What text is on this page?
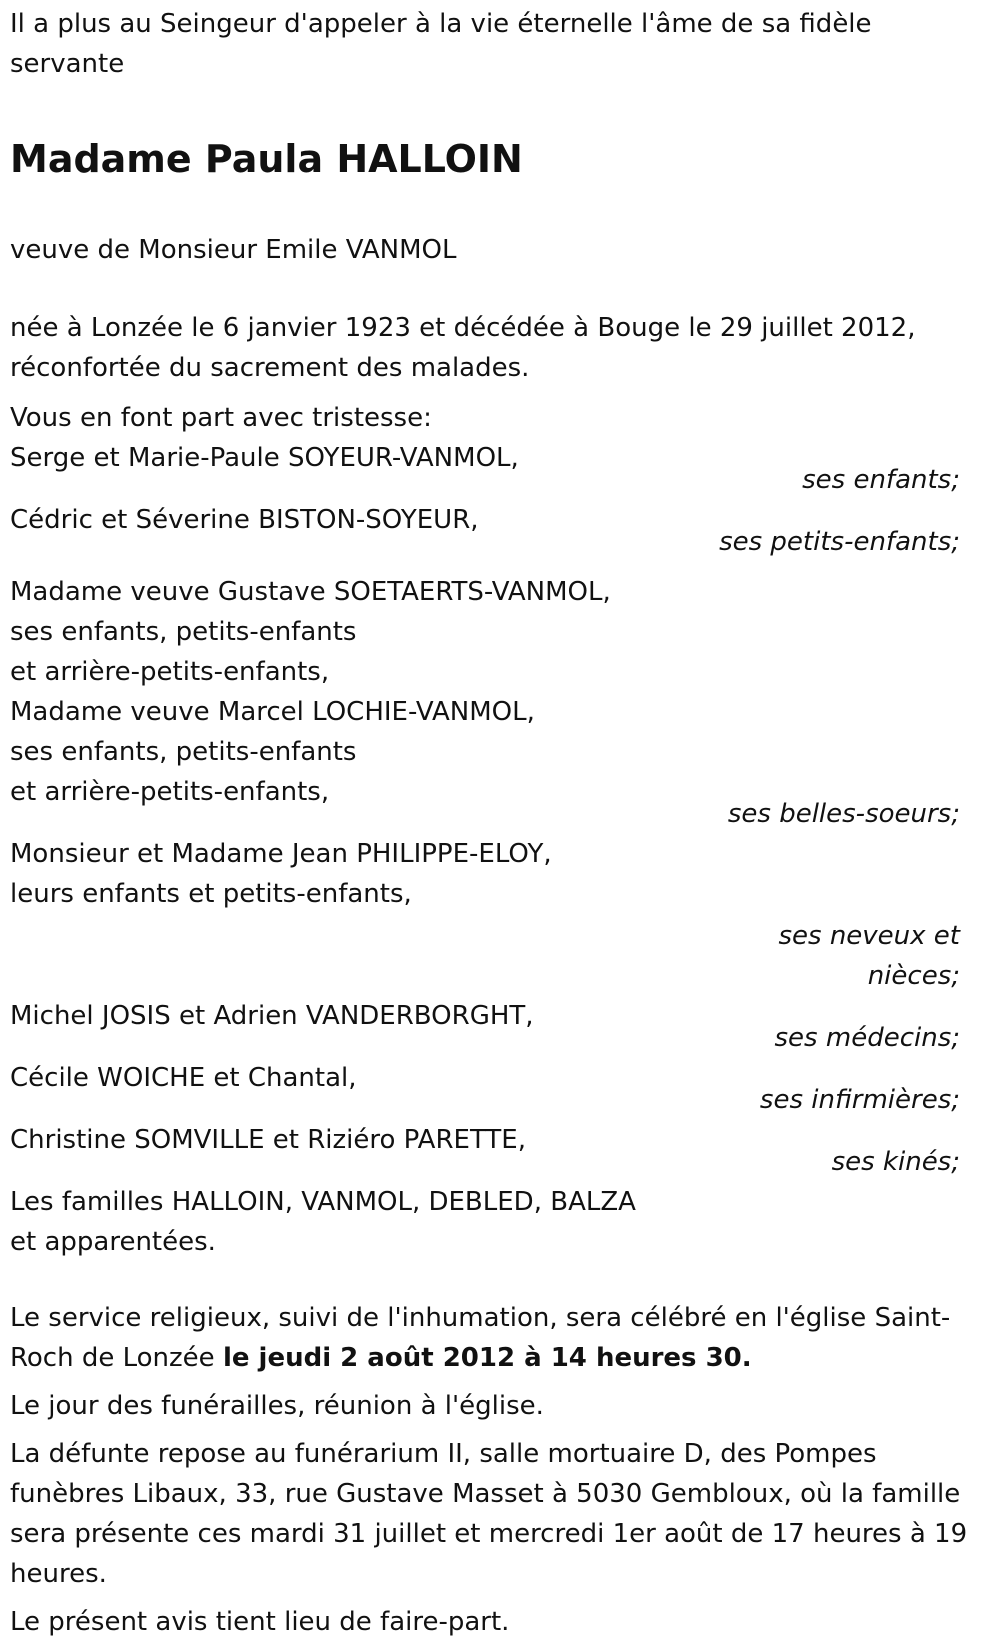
Il a plus au Seingeur d'appeler à la vie éternelle l'âme de sa fidèle servante

Madame Paula HALLOIN

veuve de Monsieur Emile VANMOL

née à Lonzée le 6 janvier 1923 et décédée à Bouge le 29 juillet 2012,

réconfortée du sacrement des malades.

Vous en font part avec tristesse:

Serge et Marie-Paule SOYEUR-VANMOL,

ses enfants;

Cédric et Séverine BISTON-SOYEUR,

ses petits-enfants;

Madame veuve Gustave SOETAERTS-VANMOL,

ses enfants, petits-enfants

et arrière-petits-enfants,

Madame veuve Marcel LOCHIE-VANMOL,

ses enfants, petits-enfants

et arrière-petits-enfants,

ses belles-soeurs;

Monsieur et Madame Jean PHILIPPE-ELOY,

leurs enfants et petits-enfants,

ses neveux et

nièces;

Michel JOSIS et Adrien VANDERBORGHT,

ses médecins;

Cécile WOICHE et Chantal,

ses infirmières;

Christine SOMVILLE et Riziéro PARETTE,

ses kinés;

Les familles HALLOIN, VANMOL, DEBLED, BALZA

et apparentées.

Le service religieux, suivi de l'inhumation, sera célébré en l'église Saint-Roch de Lonzée le jeudi 2 août 2012 à 14 heures 30.

Le jour des funérailles, réunion à l'église.

La défunte repose au funérarium II, salle mortuaire D, des Pompes funèbres Libaux, 33, rue Gustave Masset à 5030 Gembloux, où la famille sera présente ces mardi 31 juillet et mercredi 1er août de 17 heures à 19 heures.

Le présent avis tient lieu de faire-part.
